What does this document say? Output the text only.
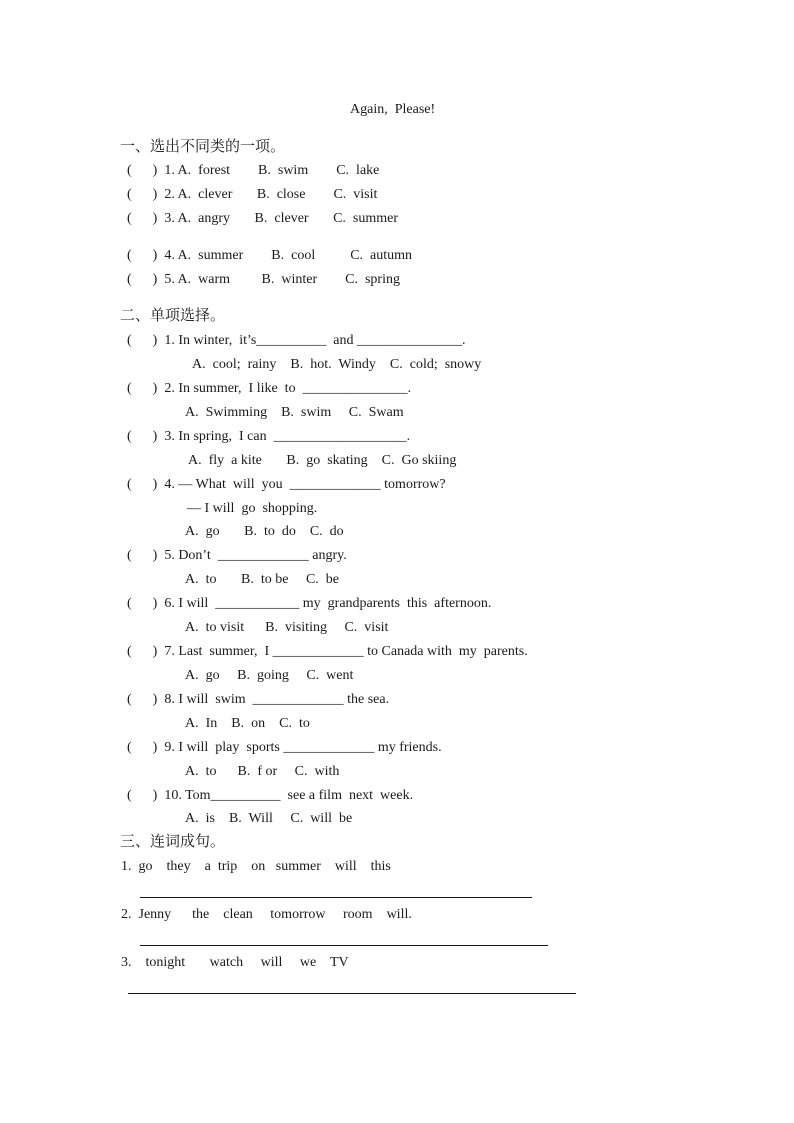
Again,  Please!
一、选出不同类的一项。
(      )  1. A.  forest        B.  swim        C.  lake
(      )  2. A.  clever       B.  close        C.  visit
(      )  3. A.  angry       B.  clever       C.  summer
(      )  4. A.  summer        B.  cool          C.  autumn
(      )  5. A.  warm         B.  winter        C.  spring
二、单项选择。
(      )  1. In winter,  it’s__________  and _______________.
A.  cool;  rainy    B.  hot.  Windy    C.  cold;  snowy
(      )  2. In summer,  I like  to  _______________.
A.  Swimming    B.  swim     C.  Swam
(      )  3. In spring,  I can  ___________________.
A.  fly  a kite       B.  go  skating    C.  Go skiing
(      )  4. — What  will  you  _____________ tomorrow?
— I will  go  shopping.
A.  go       B.  to  do    C.  do
(      )  5. Don’t  _____________ angry.
A.  to       B.  to be     C.  be
(      )  6. I will  ____________ my  grandparents  this  afternoon.
A.  to visit      B.  visiting     C.  visit
(      )  7. Last  summer,  I _____________ to Canada with  my  parents.
A.  go     B.  going     C.  went
(      )  8. I will  swim  _____________ the sea.
A.  In    B.  on    C.  to
(      )  9. I will  play  sports _____________ my friends.
A.  to      B.  f or     C.  with
(      )  10. Tom__________  see a film  next  week.
A.  is    B.  Will     C.  will  be
三、连词成句。
1.  go    they    a  trip    on   summer    will    this
2.  Jenny      the    clean     tomorrow     room    will.
3.    tonight       watch     will     we    TV
